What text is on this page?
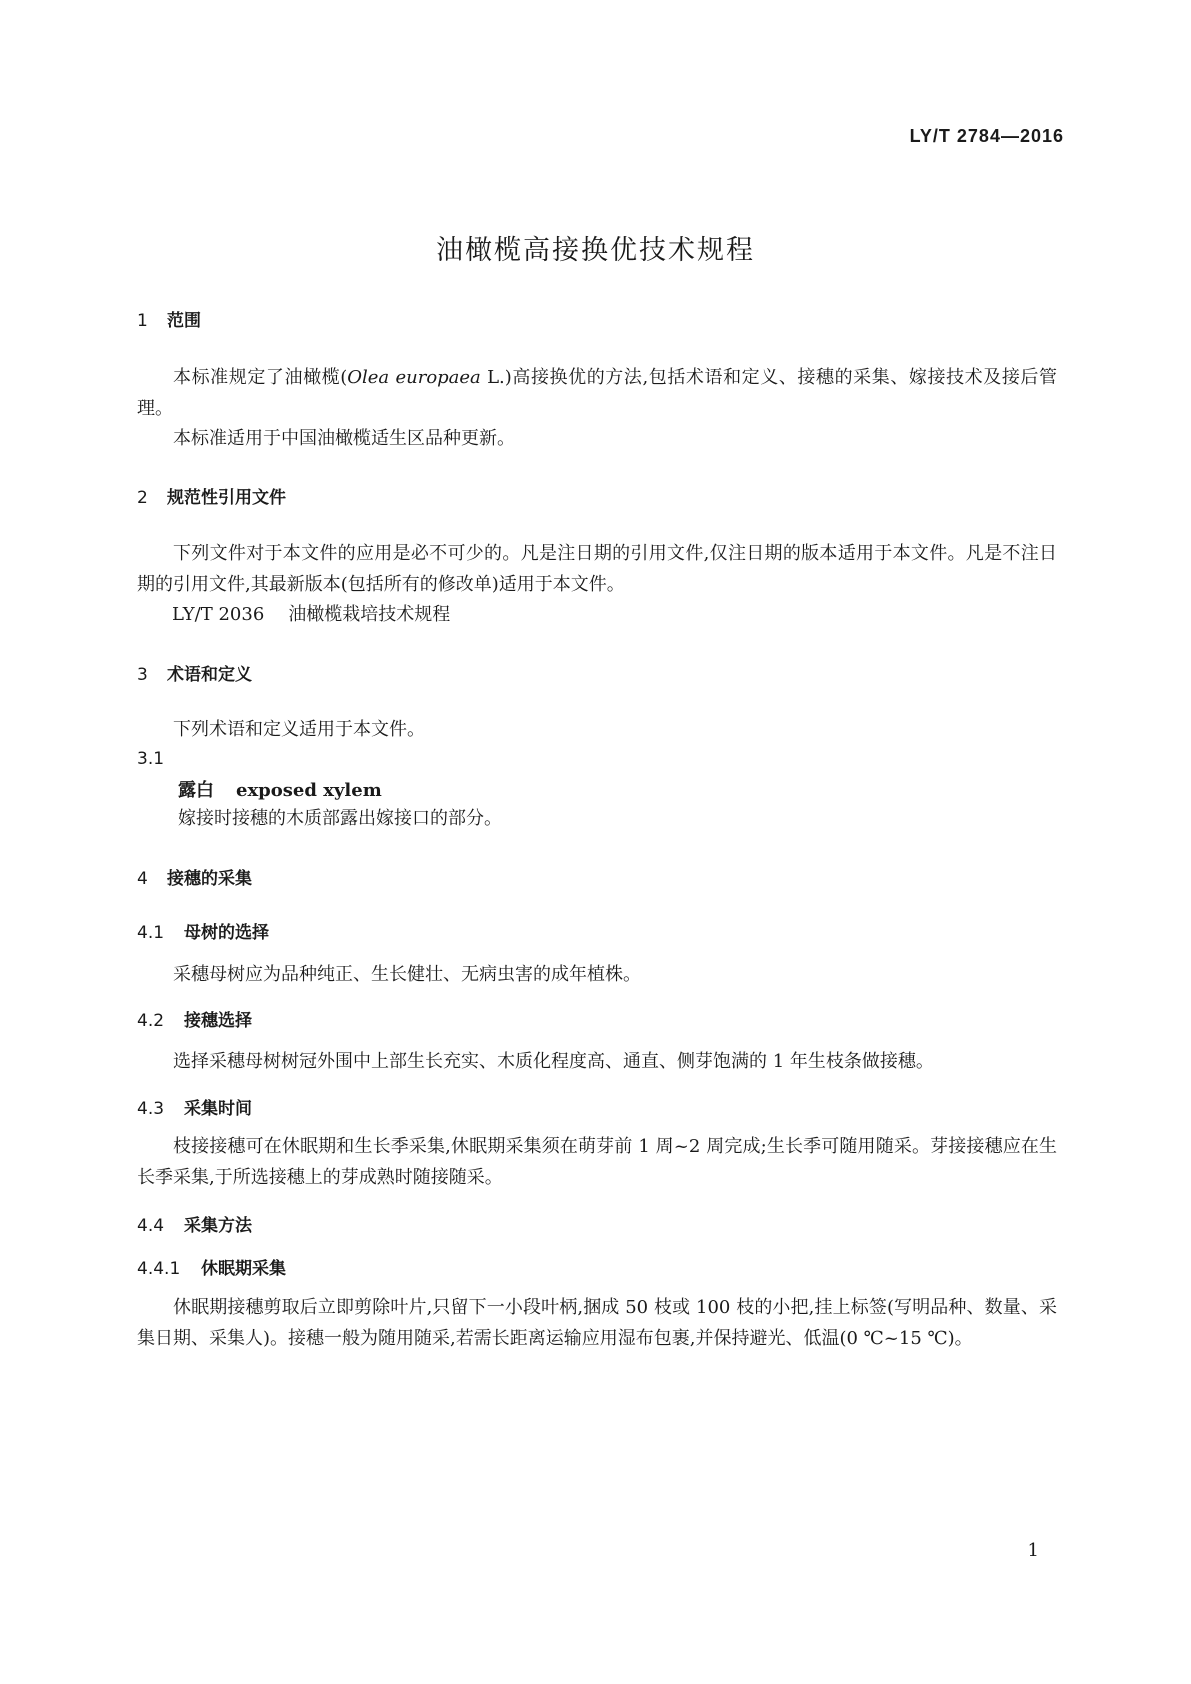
LY/T 2784—2016
油橄榄高接换优技术规程
1 范围
本标准规定了油橄榄(Olea europaea L.)高接换优的方法,包括术语和定义、接穗的采集、嫁接技术及接后管理。
本标准适用于中国油橄榄适生区品种更新。
2 规范性引用文件
下列文件对于本文件的应用是必不可少的。凡是注日期的引用文件,仅注日期的版本适用于本文件。凡是不注日期的引用文件,其最新版本(包括所有的修改单)适用于本文件。
LY/T 2036 油橄榄栽培技术规程
3 术语和定义
下列术语和定义适用于本文件。
3.1
露白 exposed xylem
嫁接时接穗的木质部露出嫁接口的部分。
4 接穗的采集
4.1 母树的选择
采穗母树应为品种纯正、生长健壮、无病虫害的成年植株。
4.2 接穗选择
选择采穗母树树冠外围中上部生长充实、木质化程度高、通直、侧芽饱满的 1 年生枝条做接穗。
4.3 采集时间
枝接接穗可在休眠期和生长季采集,休眠期采集须在萌芽前 1 周~2 周完成;生长季可随用随采。芽接接穗应在生长季采集,于所选接穗上的芽成熟时随接随采。
4.4 采集方法
4.4.1 休眠期采集
休眠期接穗剪取后立即剪除叶片,只留下一小段叶柄,捆成 50 枝或 100 枝的小把,挂上标签(写明品种、数量、采集日期、采集人)。接穗一般为随用随采,若需长距离运输应用湿布包裹,并保持避光、低温(0 ℃~15 ℃)。
1
